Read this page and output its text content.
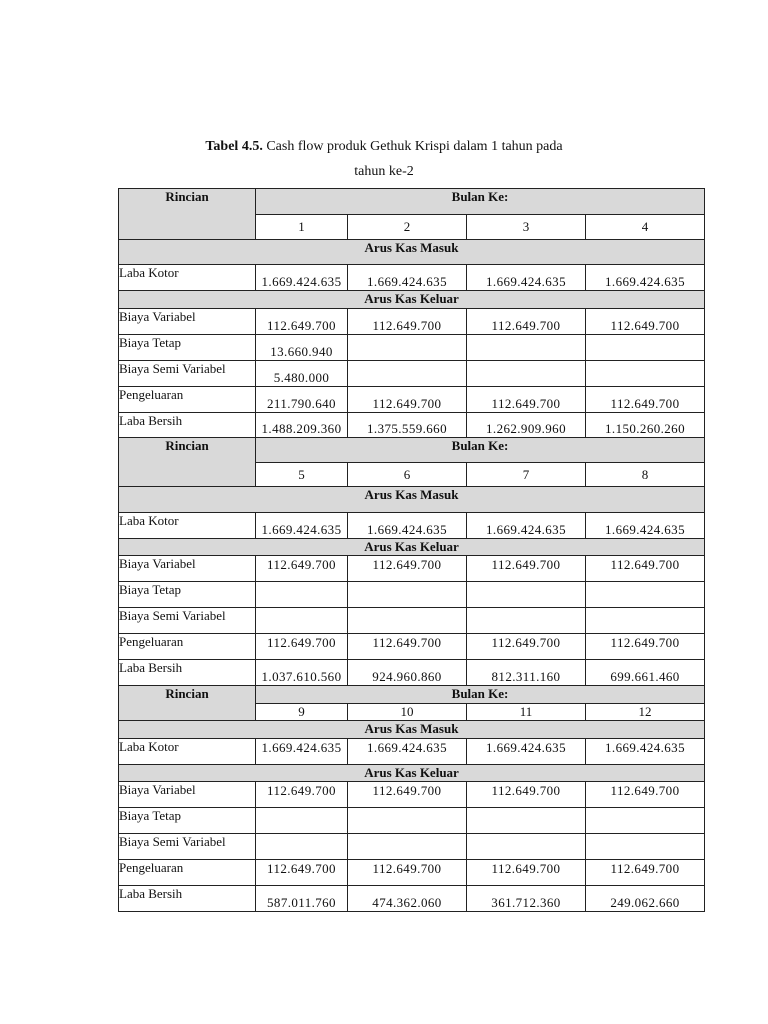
Tabel 4.5. Cash flow produk Gethuk Krispi dalam 1 tahun pada
tahun ke-2
Rincian	Bulan Ke:			
	1	2	3	4
Arus Kas Masuk				
Laba Kotor	1.669.424.635	1.669.424.635	1.669.424.635	1.669.424.635
Arus Kas Keluar				
Biaya Variabel	112.649.700	112.649.700	112.649.700	112.649.700
Biaya Tetap	13.660.940			
Biaya Semi Variabel	5.480.000			
Pengeluaran	211.790.640	112.649.700	112.649.700	112.649.700
Laba Bersih	1.488.209.360	1.375.559.660	1.262.909.960	1.150.260.260
Rincian	Bulan Ke:			
	5	6	7	8
Arus Kas Masuk				
Laba Kotor	1.669.424.635	1.669.424.635	1.669.424.635	1.669.424.635
Arus Kas Keluar				
Biaya Variabel	112.649.700	112.649.700	112.649.700	112.649.700
Biaya Tetap				
Biaya Semi Variabel				
Pengeluaran	112.649.700	112.649.700	112.649.700	112.649.700
Laba Bersih	1.037.610.560	924.960.860	812.311.160	699.661.460
Rincian	Bulan Ke:			
	9	10	11	12
Arus Kas Masuk				
Laba Kotor	1.669.424.635	1.669.424.635	1.669.424.635	1.669.424.635
Arus Kas Keluar				
Biaya Variabel	112.649.700	112.649.700	112.649.700	112.649.700
Biaya Tetap				
Biaya Semi Variabel				
Pengeluaran	112.649.700	112.649.700	112.649.700	112.649.700
Laba Bersih	587.011.760	474.362.060	361.712.360	249.062.660
